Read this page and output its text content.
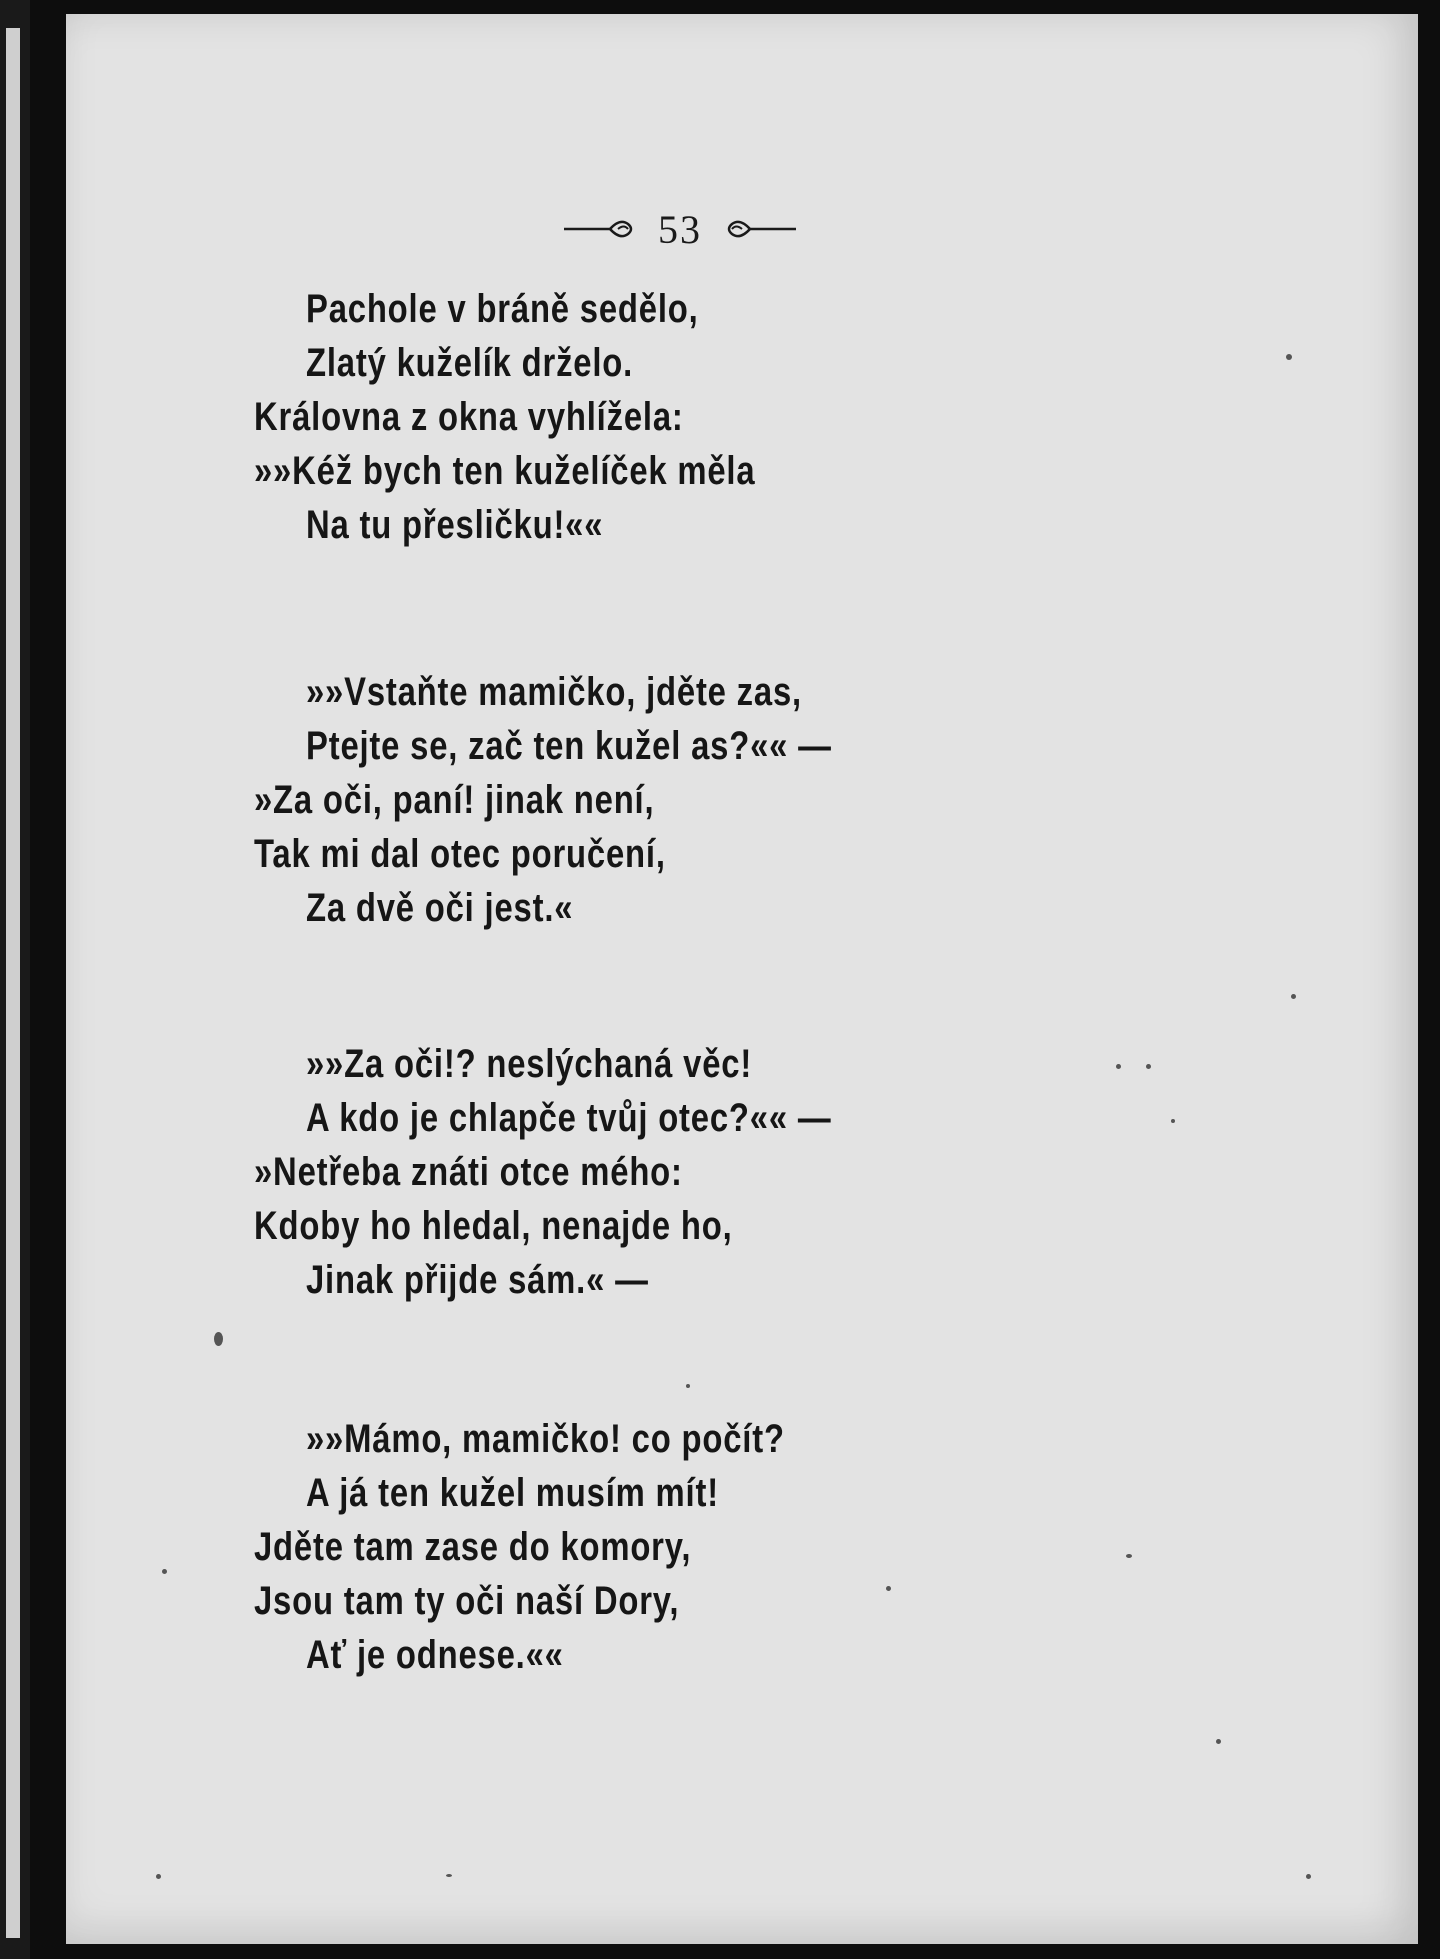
53
Pachole v bráně sedělo,
Zlatý kuželík drželo.
Královna z okna vyhlížela:
»»Kéž bych ten kuželíček měla
Na tu přesličku!««
»»Vstaňte mamičko, jděte zas,
Ptejte se, zač ten kužel as?«« —
»Za oči, paní! jinak není,
Tak mi dal otec poručení,
Za dvě oči jest.«
»»Za oči!? neslýchaná věc!
A kdo je chlapče tvůj otec?«« —
»Netřeba znáti otce mého:
Kdoby ho hledal, nenajde ho,
Jinak přijde sám.« —
»»Mámo, mamičko! co počít?
A já ten kužel musím mít!
Jděte tam zase do komory,
Jsou tam ty oči naší Dory,
Ať je odnese.««
